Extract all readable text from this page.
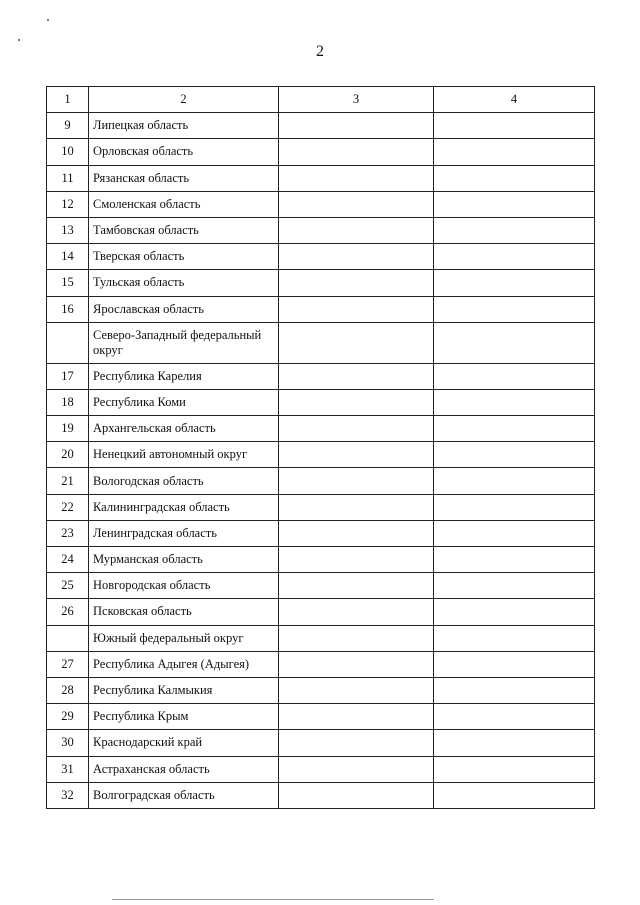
2
1	2	3	4
9	Липецкая область		
10	Орловская область		
11	Рязанская область		
12	Смоленская область		
13	Тамбовская область		
14	Тверская область		
15	Тульская область		
16	Ярославская область		
	Северо-Западный федеральный округ		
17	Республика Карелия		
18	Республика Коми		
19	Архангельская область		
20	Ненецкий автономный округ		
21	Вологодская область		
22	Калининградская область		
23	Ленинградская область		
24	Мурманская область		
25	Новгородская область		
26	Псковская область		
	Южный федеральный округ		
27	Республика Адыгея (Адыгея)		
28	Республика Калмыкия		
29	Республика Крым		
30	Краснодарский край		
31	Астраханская область		
32	Волгоградская область		
